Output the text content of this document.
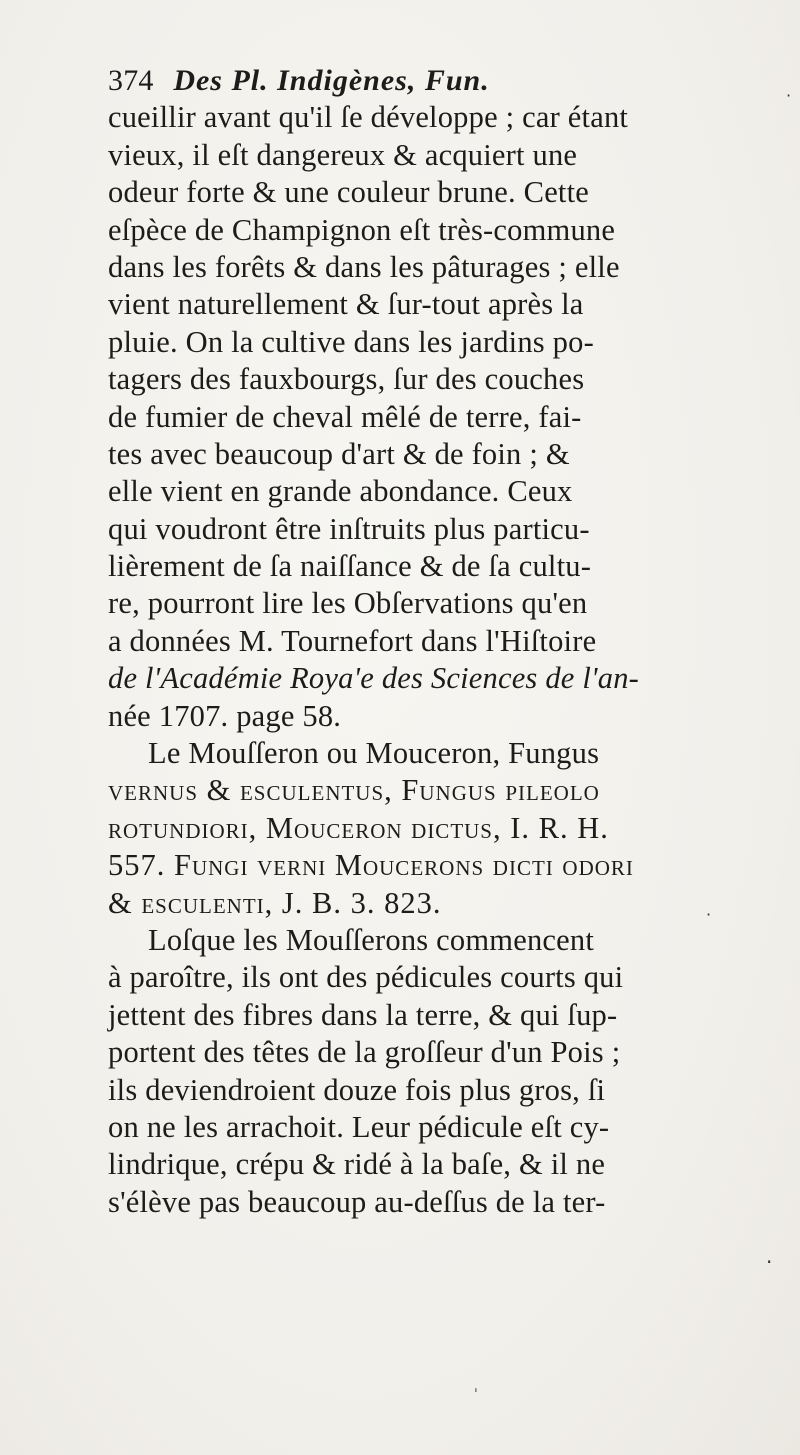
374 Des Pl. Indigènes, Fun.
cueillir avant qu'il ſe développe ; car étant
vieux, il eſt dangereux & acquiert une
odeur forte & une couleur brune. Cette
eſpèce de Champignon eſt très-commune
dans les forêts & dans les pâturages ; elle
vient naturellement & ſur-tout après la
pluie. On la cultive dans les jardins po-
tagers des fauxbourgs, ſur des couches
de fumier de cheval mêlé de terre, fai-
tes avec beaucoup d'art & de foin ; &
elle vient en grande abondance. Ceux
qui voudront être inſtruits plus particu-
lièrement de ſa naiſſance & de ſa cultu-
re, pourront lire les Obſervations qu'en
a données M. Tournefort dans l'Hiſtoire
de l'Académie Roya'e des Sciences de l'an-
née 1707. page 58.
Le Mouſſeron ou Mouceron, Fungus
vernus & esculentus, Fungus pileolo
rotundiori, Mouceron dictus, I. R. H.
557. Fungi verni Moucerons dicti odori
& esculenti, J. B. 3. 823.
Loſque les Mouſſerons commencent
à paroître, ils ont des pédicules courts qui
jettent des fibres dans la terre, & qui ſup-
portent des têtes de la groſſeur d'un Pois ;
ils deviendroient douze fois plus gros, ſi
on ne les arrachoit. Leur pédicule eſt cy-
lindrique, crépu & ridé à la baſe, & il ne
s'élève pas beaucoup au-deſſus de la ter-
·
·
·
ˌ
